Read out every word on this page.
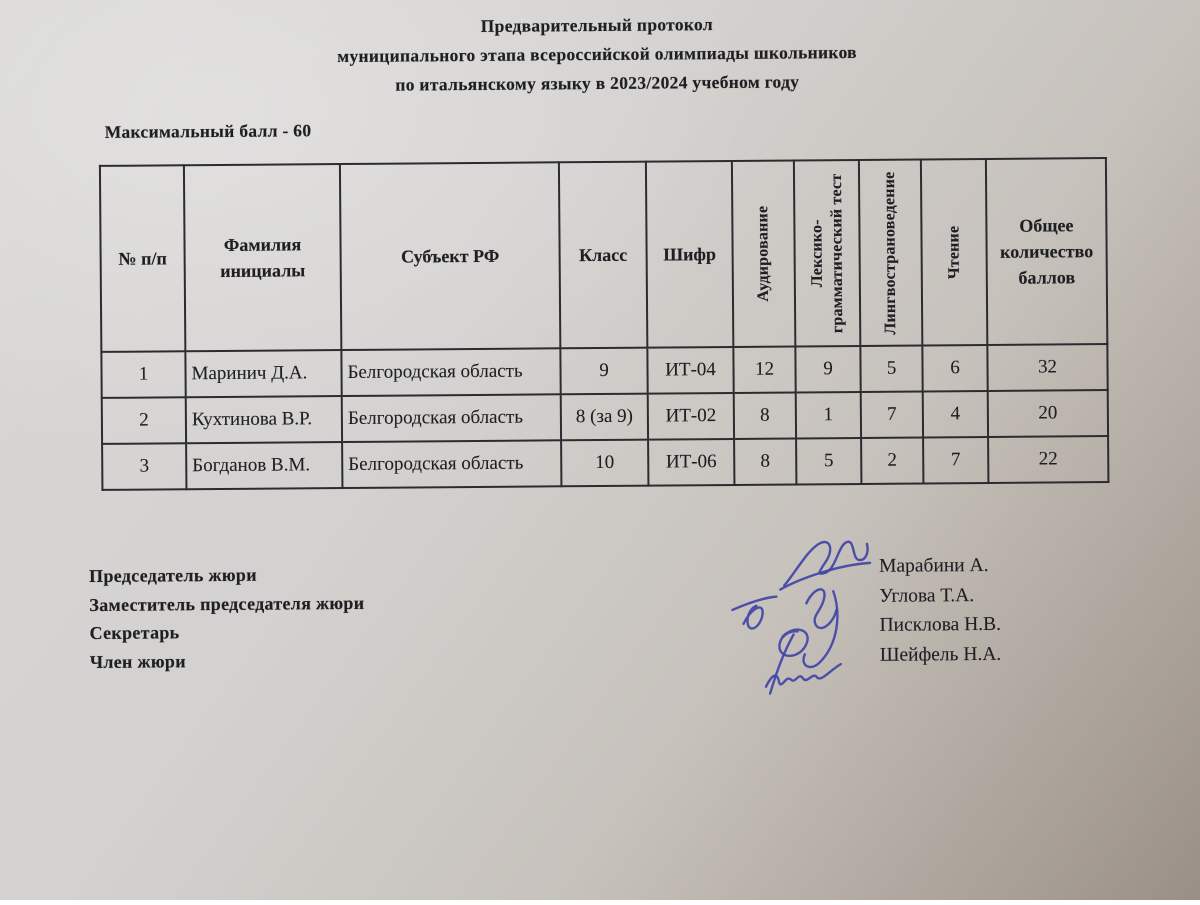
Предварительный протокол
муниципального этапа всероссийской олимпиады школьников
по итальянскому языку в 2023/2024 учебном году
Максимальный балл - 60
№ п/п	Фамилия инициалы	Субъект РФ	Класс	Шифр	Аудирование	Лексико-грамматический тест	Лингвострановедение	Чтение	Общее количество баллов
1	Маринич Д.А.	Белгородская область	9	ИТ-04	12	9	5	6	32
2	Кухтинова В.Р.	Белгородская область	8 (за 9)	ИТ-02	8	1	7	4	20
3	Богданов В.М.	Белгородская область	10	ИТ-06	8	5	2	7	22
Председатель жюри
Заместитель председателя жюри
Секретарь
Член жюри
Марабини А.
Углова Т.А.
Писклова Н.В.
Шейфель Н.А.
